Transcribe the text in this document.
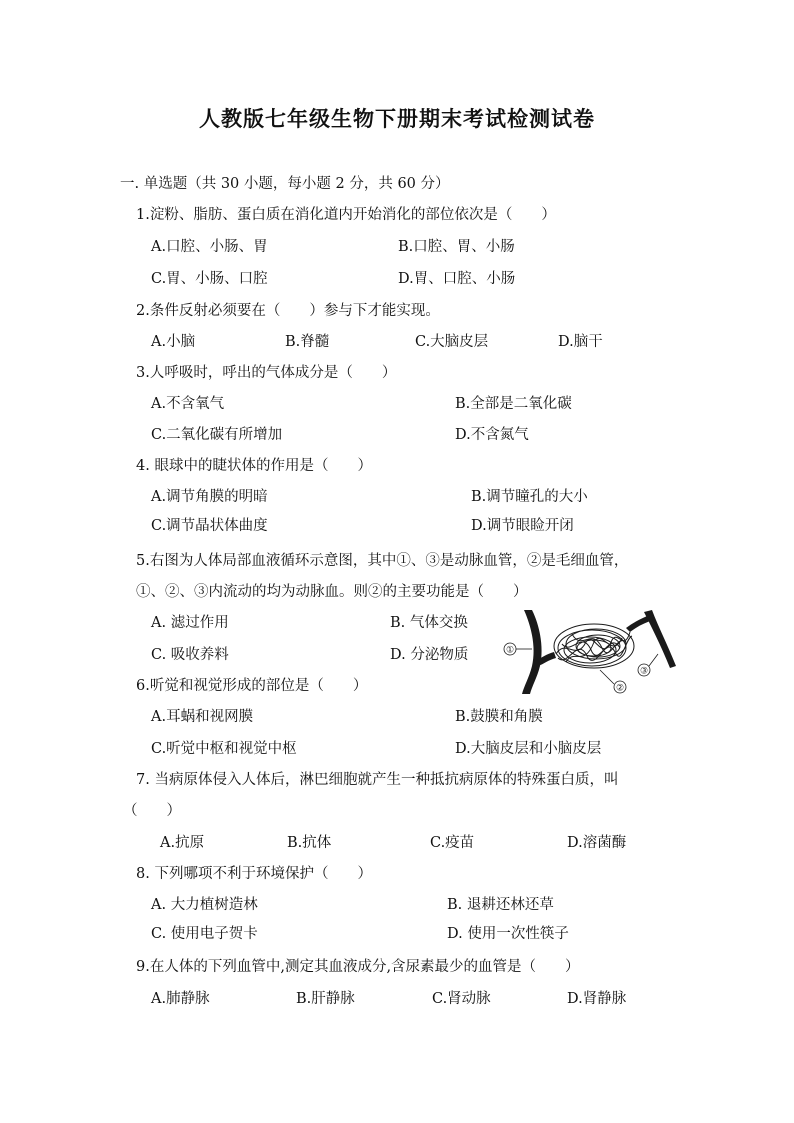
人教版七年级生物下册期末考试检测试卷
一. 单选题（共 30 小题，每小题 2 分，共 60 分）
1.淀粉、脂肪、蛋白质在消化道内开始消化的部位依次是（　　）
A.口腔、小肠、胃	B.口腔、胃、小肠
C.胃、小肠、口腔	D.胃、口腔、小肠
2.条件反射必须要在（　　）参与下才能实现。
A.小脑	B.脊髓	C.大脑皮层	D.脑干
3.人呼吸时，呼出的气体成分是（　　）
A.不含氧气	B.全部是二氧化碳
C.二氧化碳有所增加	D.不含氮气
4. 眼球中的睫状体的作用是（　　）
A.调节角膜的明暗	B.调节瞳孔的大小
C.调节晶状体曲度	D.调节眼睑开闭
5.右图为人体局部血液循环示意图，其中①、③是动脉血管，②是毛细血管，
①、②、③内流动的均为动脉血。则②的主要功能是（　　）
A. 滤过作用	B. 气体交换
C. 吸收养料	D. 分泌物质	①
②
③
6.听觉和视觉形成的部位是（　　）
A.耳蜗和视网膜	B.鼓膜和角膜
C.听觉中枢和视觉中枢	D.大脑皮层和小脑皮层
7. 当病原体侵入人体后，淋巴细胞就产生一种抵抗病原体的特殊蛋白质，叫
（　　）
A.抗原	B.抗体	C.疫苗	D.溶菌酶
8. 下列哪项不利于环境保护（　　）
A. 大力植树造林	B. 退耕还林还草
C. 使用电子贺卡	D. 使用一次性筷子
9.在人体的下列血管中,测定其血液成分,含尿素最少的血管是（　　）
A.肺静脉	B.肝静脉	C.肾动脉	D.肾静脉
